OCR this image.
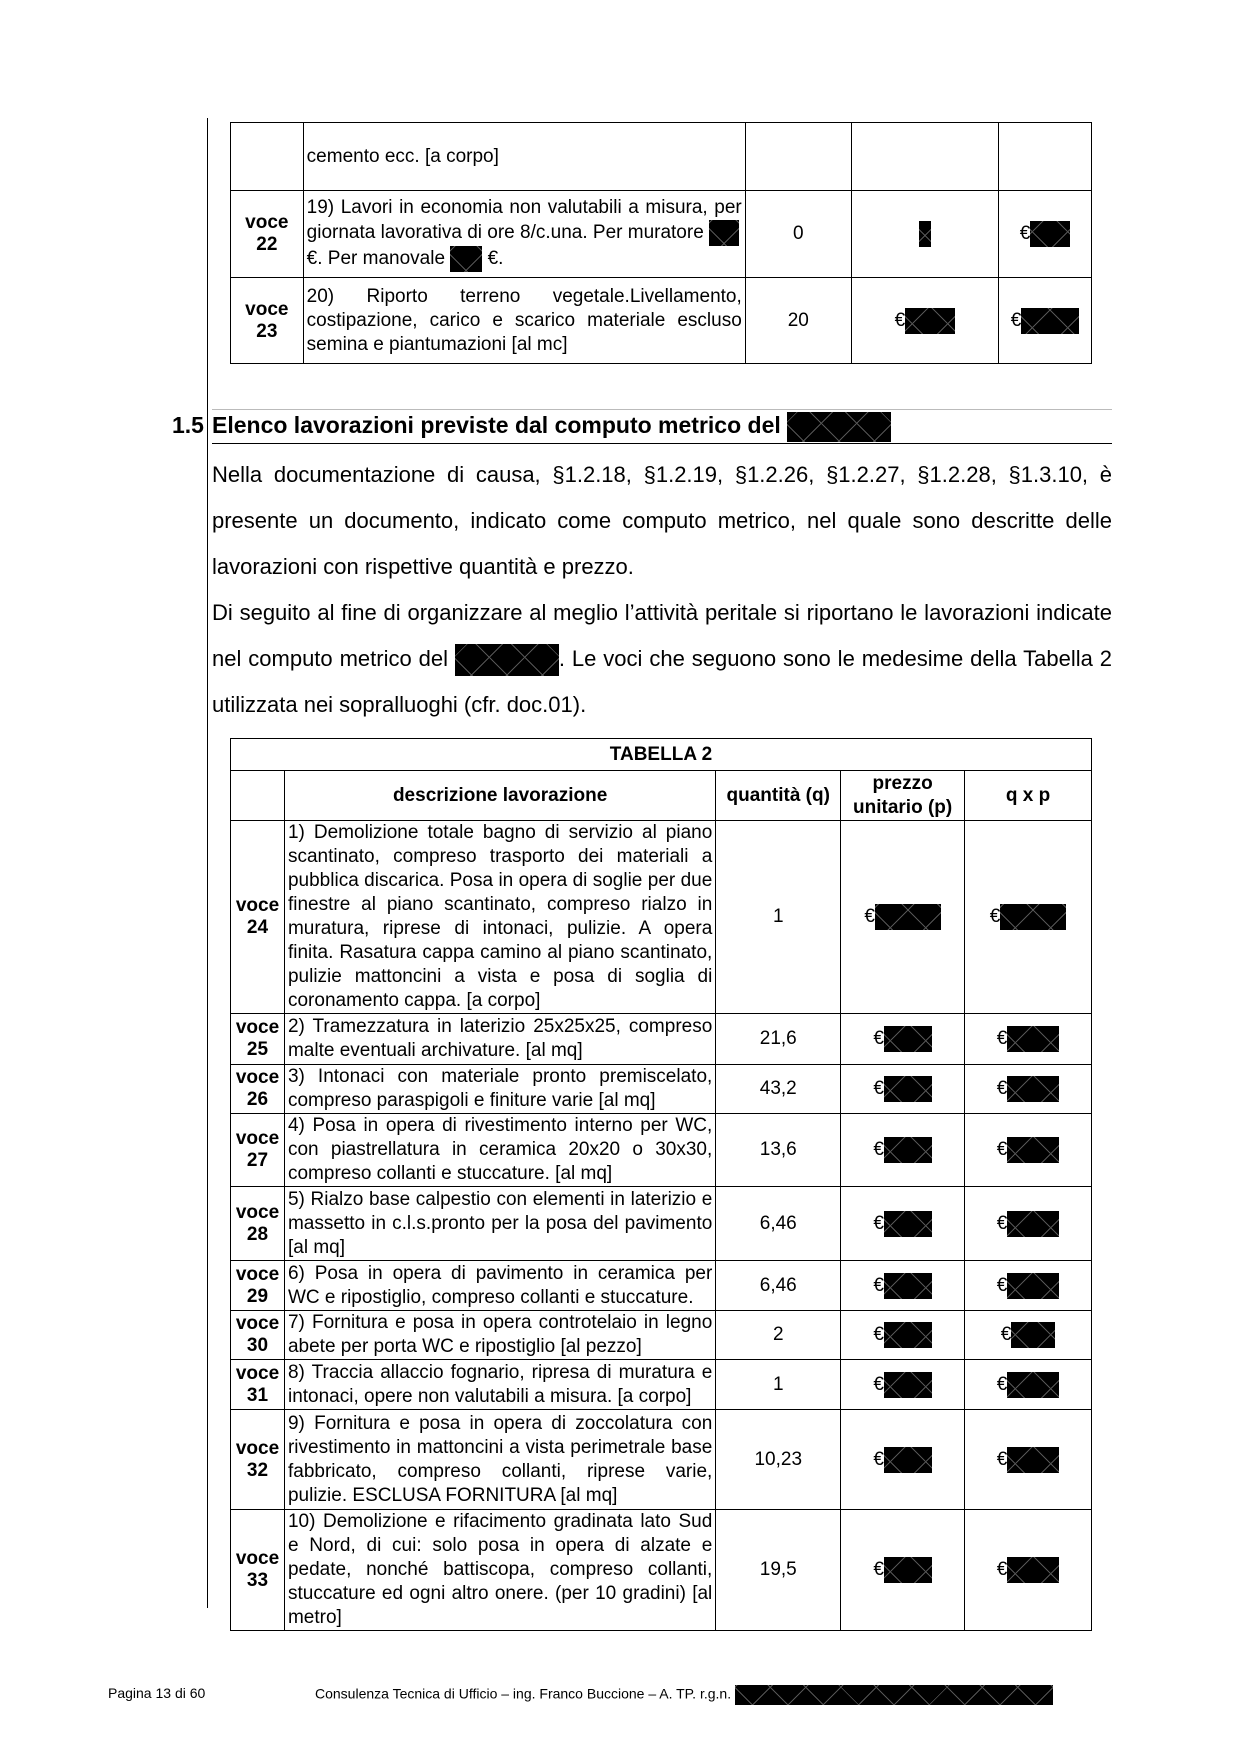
	cemento ecc. [a corpo]			
voce
22	19) Lavori in economia non valutabili a misura, per giornata lavorativa di ore 8/c.una. Per muratore
€. Per manovale €.	0		€
voce
23	20) Riporto terreno vegetale.Livellamento, costipazione, carico e scarico materiale escluso semina e piantumazioni [al mc]	20	€	€
1.5 Elenco lavorazioni previste dal computo metrico del
Nella documentazione di causa, §1.2.18, §1.2.19, §1.2.26, §1.2.27, §1.2.28, §1.3.10, è presente un documento, indicato come computo metrico, nel quale sono descritte delle lavorazioni con rispettive quantità e prezzo.
Di seguito al fine di organizzare al meglio l’attività peritale si riportano le lavorazioni indicate nel computo metrico del	. Le voci che seguono sono le medesime della Tabella 2 utilizzata nei sopralluoghi (cfr. doc.01).
TABELLA 2				
	descrizione lavorazione	quantità (q)	prezzo unitario (p)	q x p
voce
24	1) Demolizione totale bagno di servizio al piano scantinato, compreso trasporto dei materiali a pubblica discarica. Posa in opera di soglie per due finestre al piano scantinato, compreso rialzo in muratura, riprese di intonaci, pulizie. A opera finita. Rasatura cappa camino al piano scantinato, pulizie mattoncini a vista e posa di soglia di coronamento cappa. [a corpo]	1	€	€
voce
25	2) Tramezzatura in laterizio 25x25x25, compreso malte eventuali archivature. [al mq]	21,6	€	€
voce
26	3) Intonaci con materiale pronto premiscelato, compreso paraspigoli e finiture varie [al mq]	43,2	€	€
voce
27	4) Posa in opera di rivestimento interno per WC, con piastrellatura in ceramica 20x20 o 30x30, compreso collanti e stuccature. [al mq]	13,6	€	€
voce
28	5) Rialzo base calpestio con elementi in laterizio e massetto in c.l.s.pronto per la posa del pavimento [al mq]	6,46	€	€
voce
29	6) Posa in opera di pavimento in ceramica per WC e ripostiglio, compreso collanti e stuccature.	6,46	€	€
voce
30	7) Fornitura e posa in opera controtelaio in legno abete per porta WC e ripostiglio [al pezzo]	2	€	€
voce
31	8) Traccia allaccio fognario, ripresa di muratura e intonaci, opere non valutabili a misura. [a corpo]	1	€	€
voce
32	9) Fornitura e posa in opera di zoccolatura con rivestimento in mattoncini a vista perimetrale base fabbricato, compreso collanti, riprese varie, pulizie. ESCLUSA FORNITURA [al mq]	10,23	€	€
voce
33	10) Demolizione e rifacimento gradinata lato Sud e Nord, di cui: solo posa in opera di alzate e pedate, nonché battiscopa, compreso collanti, stuccature ed ogni altro onere. (per 10 gradini) [al metro]	19,5	€	€
Pagina 13 di 60	Consulenza Tecnica di Ufficio – ing. Franco Buccione – A. TP. r.g.n.
